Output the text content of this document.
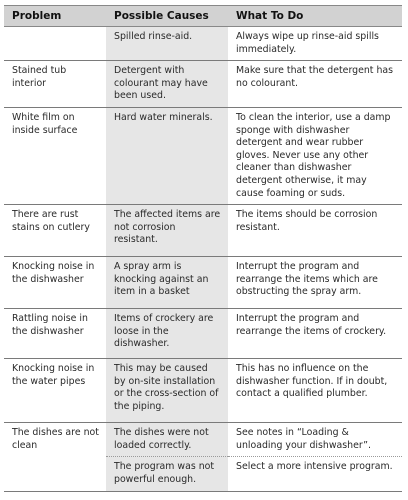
Problem	Possible Causes	What To Do
	Spilled rinse-aid.	Always wipe up rinse-aid spills immediately.
Stained tub interior	Detergent with colourant may have been used.	Make sure that the detergent has no colourant.
White film on inside surface	Hard water minerals.	To clean the interior, use a damp sponge with dishwasher detergent and wear rubber gloves. Never use any other cleaner than dishwasher detergent otherwise, it may cause foaming or suds.
There are rust stains on cutlery	The affected items are not corrosion resistant.	The items should be corrosion resistant.
Knocking noise in the dishwasher	A spray arm is knocking against an item in a basket	Interrupt the program and rearrange the items which are obstructing the spray arm.
Rattling noise in the dishwasher	Items of crockery are loose in the dishwasher.	Interrupt the program and rearrange the items of crockery.
Knocking noise in the water pipes	This may be caused by on-site installation or the cross-section of the piping.	This has no influence on the dishwasher function. If in doubt, contact a qualified plumber.
The dishes are not clean	The dishes were not loaded correctly.	See notes in “Loading & unloading your dishwasher”.
	The program was not powerful enough.	Select a more intensive program.
